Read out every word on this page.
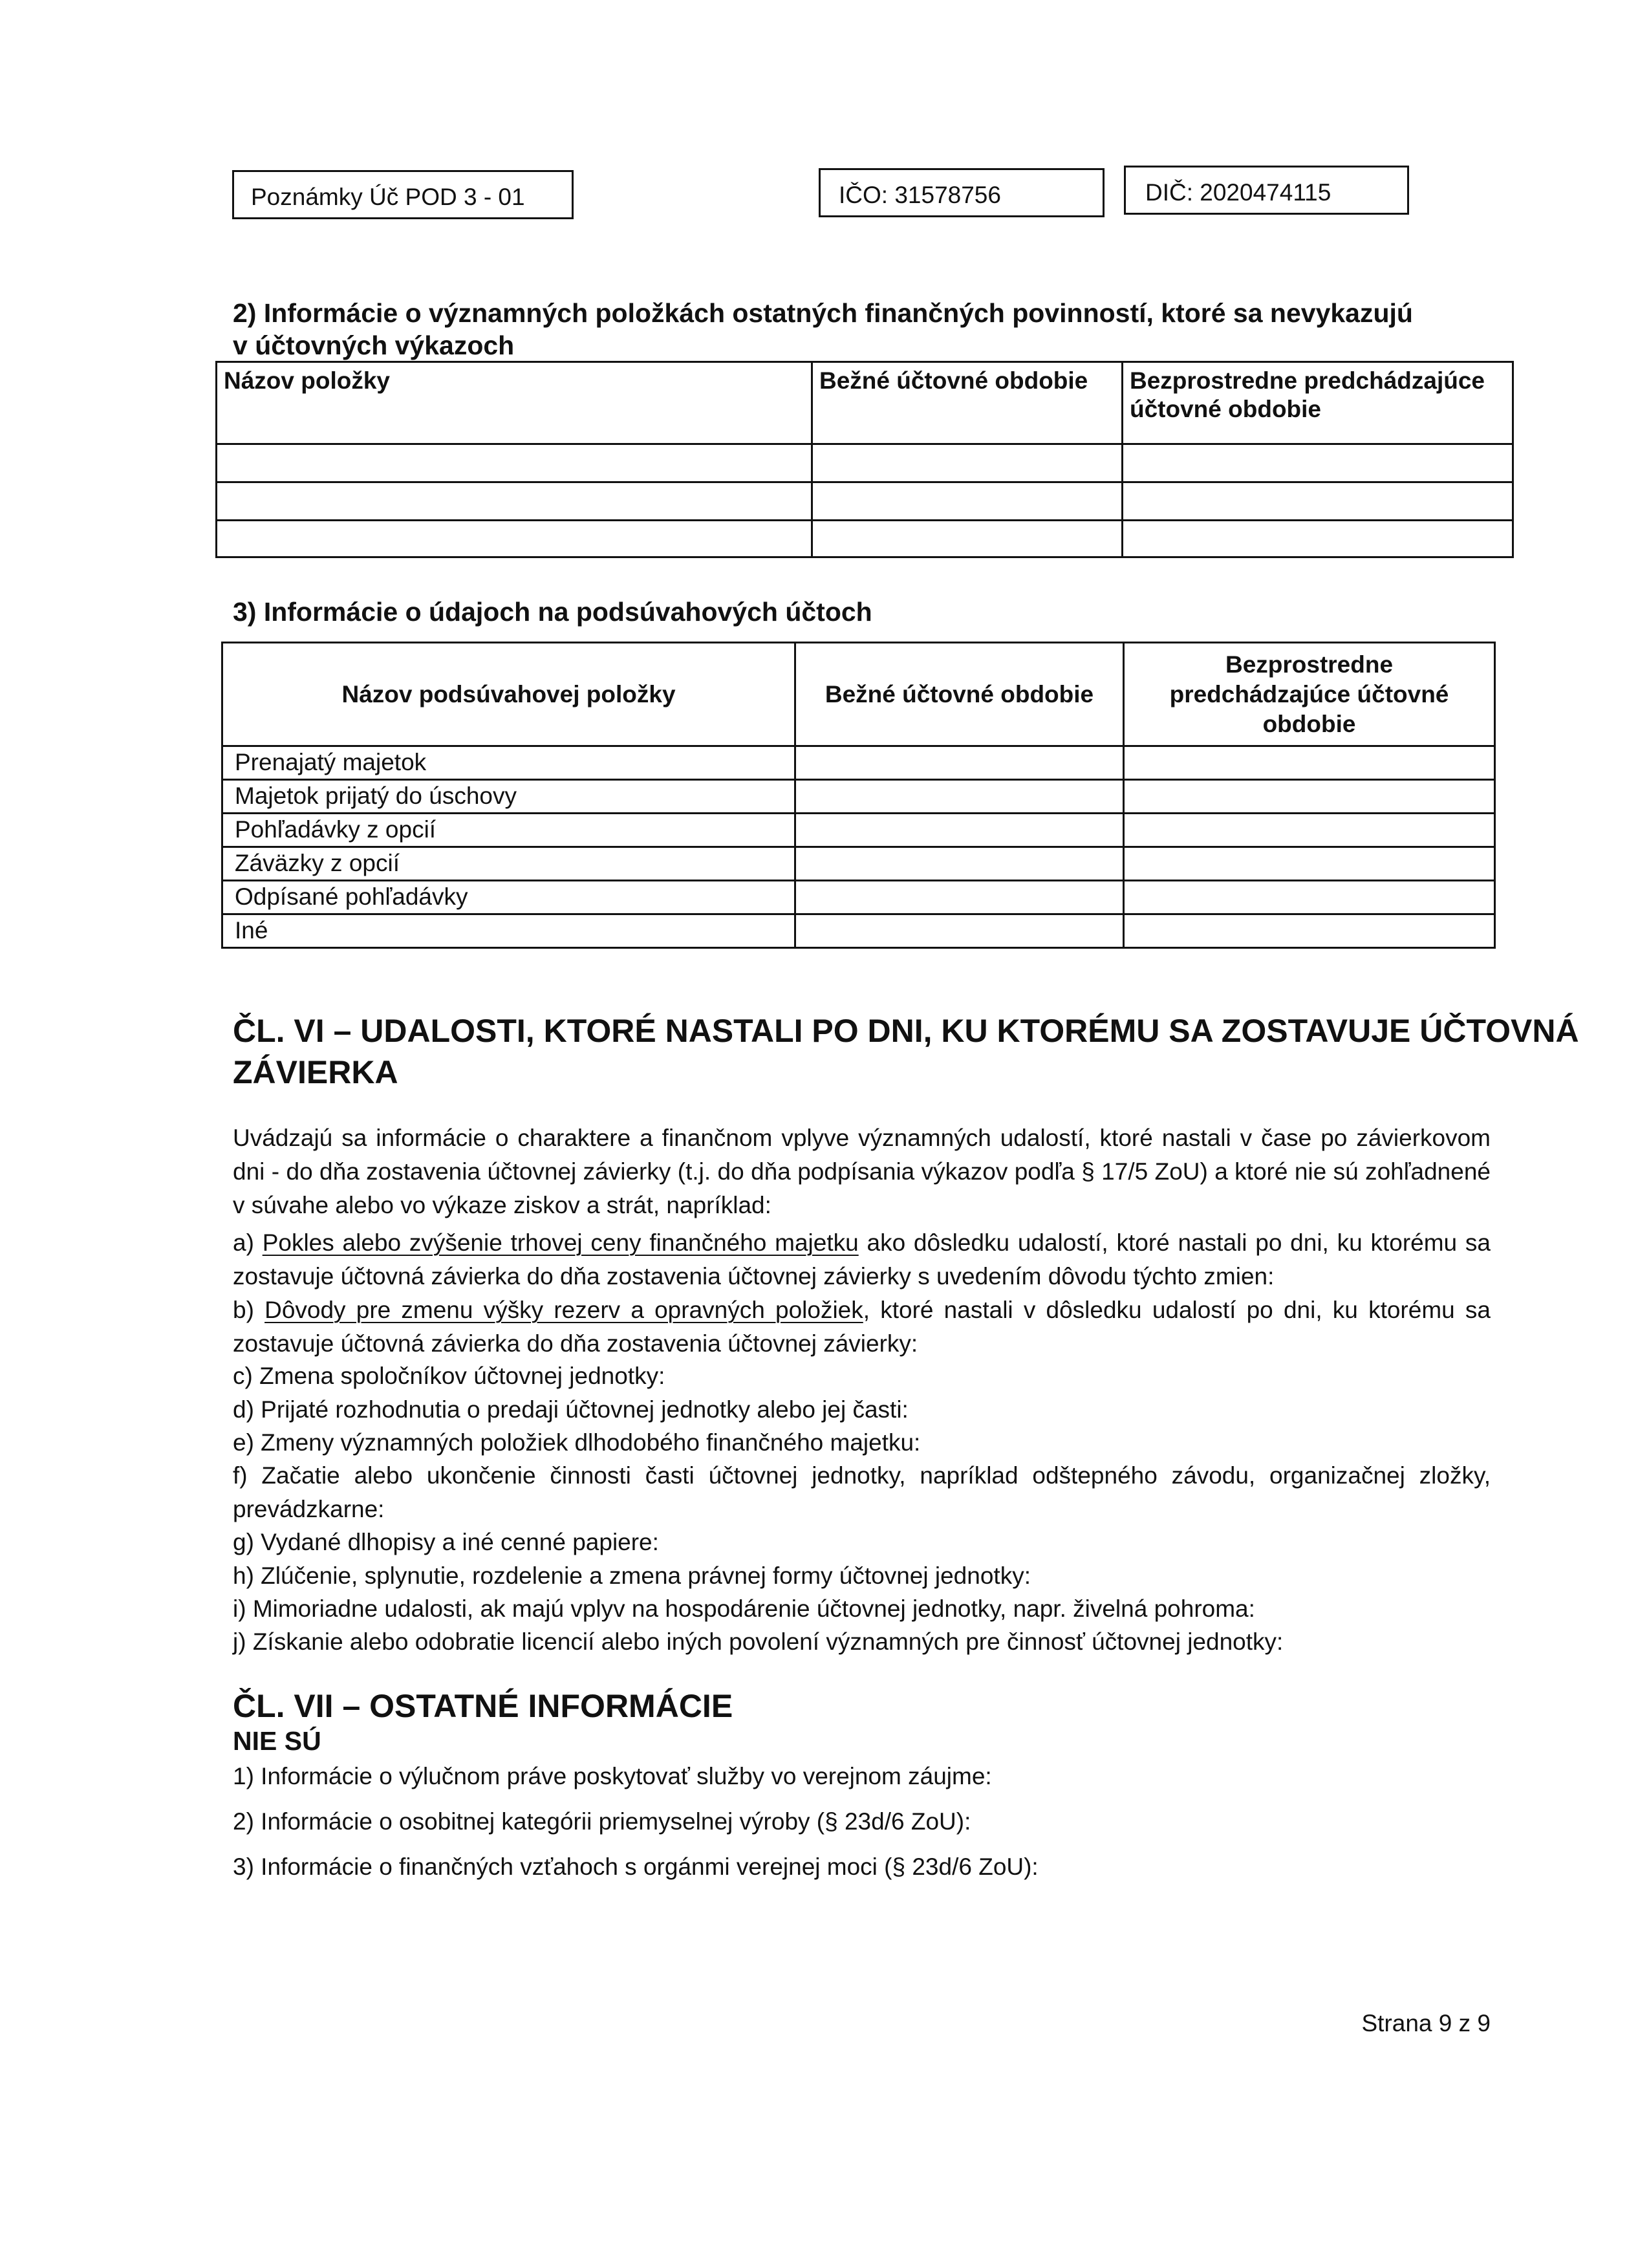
Poznámky Úč POD 3 - 01	IČO: 31578756	DIČ: 2020474115
2) Informácie o významných položkách ostatných finančných povinností, ktoré sa nevykazujú
v účtovných výkazoch
Názov položky	Bežné účtovné obdobie	Bezprostredne predchádzajúce účtovné obdobie

3) Informácie o údajoch na podsúvahových účtoch
Názov podsúvahovej položky	Bežné účtovné obdobie	Bezprostredne predchádzajúce účtovné obdobie
Prenajatý majetok		
Majetok prijatý do úschovy		
Pohľadávky z opcií		
Záväzky z opcií		
Odpísané pohľadávky		
Iné		
ČL. VI – UDALOSTI, KTORÉ NASTALI PO DNI, KU KTORÉMU SA ZOSTAVUJE ÚČTOVNÁ
ZÁVIERKA

Uvádzajú sa informácie o charaktere a finančnom vplyve významných udalostí, ktoré nastali v čase po závierkovom dni - do dňa zostavenia účtovnej závierky (t.j. do dňa podpísania výkazov podľa § 17/5 ZoU) a ktoré nie sú zohľadnené v súvahe alebo vo výkaze ziskov a strát, napríklad:

a) Pokles alebo zvýšenie trhovej ceny finančného majetku ako dôsledku udalostí, ktoré nastali po dni, ku ktorému sa zostavuje účtovná závierka do dňa zostavenia účtovnej závierky s uvedením dôvodu týchto zmien:

b) Dôvody pre zmenu výšky rezerv a opravných položiek, ktoré nastali v dôsledku udalostí po dni, ku ktorému sa zostavuje účtovná závierka do dňa zostavenia účtovnej závierky:

c) Zmena spoločníkov účtovnej jednotky:
d) Prijaté rozhodnutia o predaji účtovnej jednotky alebo jej časti:
e) Zmeny významných položiek dlhodobého finančného majetku:

f) Začatie alebo ukončenie činnosti časti účtovnej jednotky, napríklad odštepného závodu, organizačnej zložky, prevádzkarne:

g) Vydané dlhopisy a iné cenné papiere:
h) Zlúčenie, splynutie, rozdelenie a zmena právnej formy účtovnej jednotky:
i) Mimoriadne udalosti, ak majú vplyv na hospodárenie účtovnej jednotky, napr. živelná pohroma:
j) Získanie alebo odobratie licencií alebo iných povolení významných pre činnosť účtovnej jednotky:
ČL. VII – OSTATNÉ INFORMÁCIE
NIE SÚ
1) Informácie o výlučnom práve poskytovať služby vo verejnom záujme:
2) Informácie o osobitnej kategórii priemyselnej výroby (§ 23d/6 ZoU):
3) Informácie o finančných vzťahoch s orgánmi verejnej moci (§ 23d/6 ZoU):
Strana 9 z 9
